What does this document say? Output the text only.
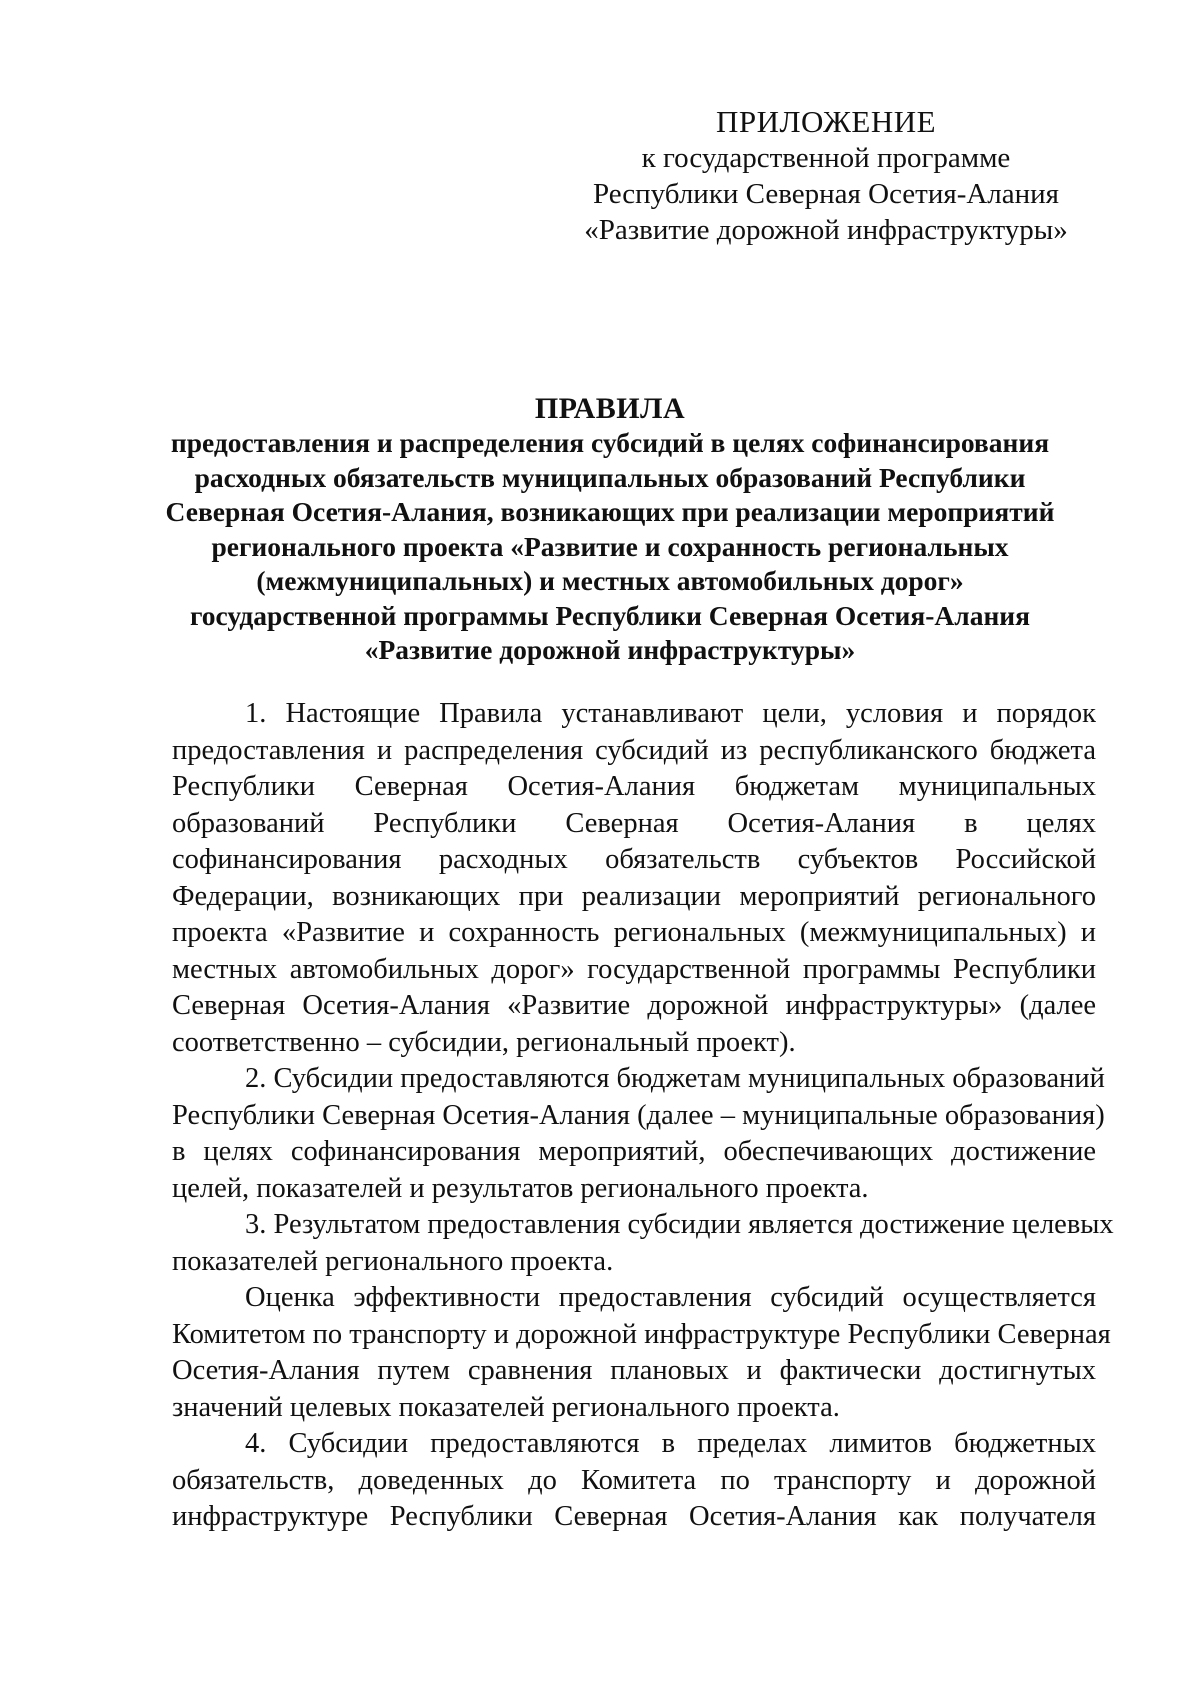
ПРИЛОЖЕНИЕ
к государственной программе
Республики Северная Осетия-Алания
«Развитие дорожной инфраструктуры»
ПРАВИЛА
предоставления и распределения субсидий в целях софинансирования
расходных обязательств муниципальных образований Республики
Северная Осетия-Алания, возникающих при реализации мероприятий
регионального проекта «Развитие и сохранность региональных
(межмуниципальных) и местных автомобильных дорог»
государственной программы Республики Северная Осетия-Алания
«Развитие дорожной инфраструктуры»
1. Настоящие Правила устанавливают цели, условия и порядок
предоставления и распределения субсидий из республиканского бюджета
Республики Северная Осетия-Алания бюджетам муниципальных
образований Республики Северная Осетия-Алания в целях
софинансирования расходных обязательств субъектов Российской
Федерации, возникающих при реализации мероприятий регионального
проекта «Развитие и сохранность региональных (межмуниципальных) и
местных автомобильных дорог» государственной программы Республики
Северная Осетия-Алания «Развитие дорожной инфраструктуры» (далее
соответственно – субсидии, региональный проект).
2. Субсидии предоставляются бюджетам муниципальных образований
Республики Северная Осетия-Алания (далее – муниципальные образования)
в целях софинансирования мероприятий, обеспечивающих достижение
целей, показателей и результатов регионального проекта.
3. Результатом предоставления субсидии является достижение целевых
показателей регионального проекта.
Оценка эффективности предоставления субсидий осуществляется
Комитетом по транспорту и дорожной инфраструктуре Республики Северная
Осетия-Алания путем сравнения плановых и фактически достигнутых
значений целевых показателей регионального проекта.
4. Субсидии предоставляются в пределах лимитов бюджетных
обязательств, доведенных до Комитета по транспорту и дорожной
инфраструктуре Республики Северная Осетия-Алания как получателя
